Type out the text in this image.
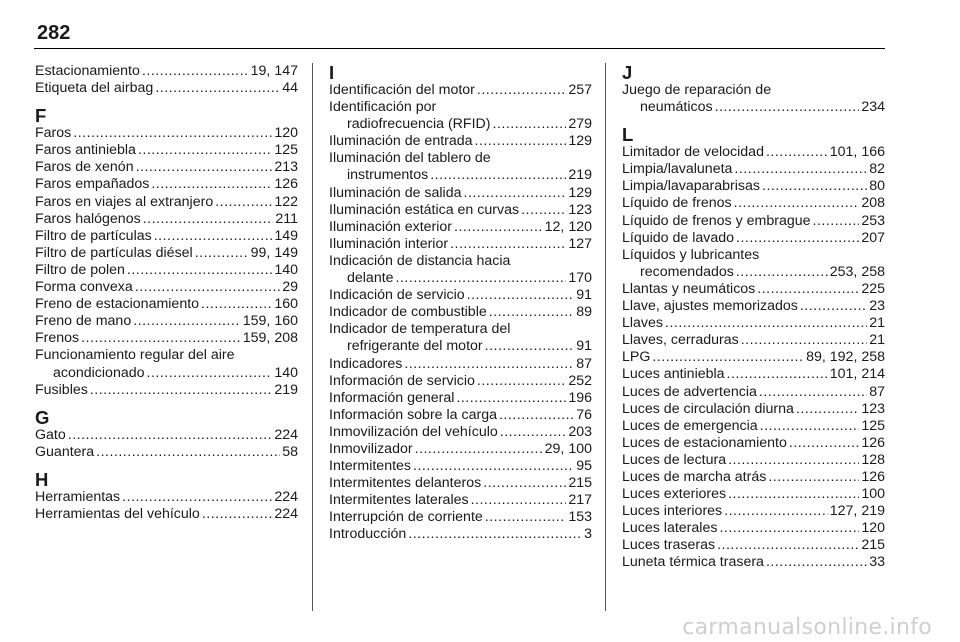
282
Estacionamiento .....	19, 147
Etiqueta del airbag .....	44
F
Faros .....	120
Faros antiniebla .....	125
Faros de xenón .....	213
Faros empañados .....	126
Faros en viajes al extranjero .....	122
Faros halógenos .....	211
Filtro de partículas .....	149
Filtro de partículas diésel .....	99, 149
Filtro de polen .....	140
Forma convexa .....	29
Freno de estacionamiento .....	160
Freno de mano .....	159, 160
Frenos .....	159, 208
Funcionamiento regular del aire
acondicionado .....	140
Fusibles .....	219
G
Gato .....	224
Guantera .....	58
H
Herramientas .....	224
Herramientas del vehículo .....	224
I
Identificación del motor .....	257
Identificación por
radiofrecuencia (RFID) .....	279
Iluminación de entrada .....	129
Iluminación del tablero de
instrumentos .....	219
Iluminación de salida .....	129
Iluminación estática en curvas .....	123
Iluminación exterior .....	12, 120
Iluminación interior .....	127
Indicación de distancia hacia
delante .....	170
Indicación de servicio .....	91
Indicador de combustible .....	89
Indicador de temperatura del
refrigerante del motor .....	91
Indicadores .....	87
Información de servicio .....	252
Información general .....	196
Información sobre la carga .....	76
Inmovilización del vehículo .....	203
Inmovilizador .....	29, 100
Intermitentes .....	95
Intermitentes delanteros .....	215
Intermitentes laterales .....	217
Interrupción de corriente .....	153
Introducción .....	3
J
Juego de reparación de
neumáticos .....	234
L
Limitador de velocidad .....	101, 166
Limpia/lavaluneta .....	82
Limpia/lavaparabrisas .....	80
Líquido de frenos .....	208
Líquido de frenos y embrague .....	253
Líquido de lavado .....	207
Líquidos y lubricantes
recomendados .....	253, 258
Llantas y neumáticos .....	225
Llave, ajustes memorizados .....	23
Llaves .....	21
Llaves, cerraduras .....	21
LPG .....	89, 192, 258
Luces antiniebla .....	101, 214
Luces de advertencia .....	87
Luces de circulación diurna .....	123
Luces de emergencia .....	125
Luces de estacionamiento .....	126
Luces de lectura .....	128
Luces de marcha atrás .....	126
Luces exteriores .....	100
Luces interiores .....	127, 219
Luces laterales .....	120
Luces traseras .....	215
Luneta térmica trasera .....	33
carmanualsonline.info
